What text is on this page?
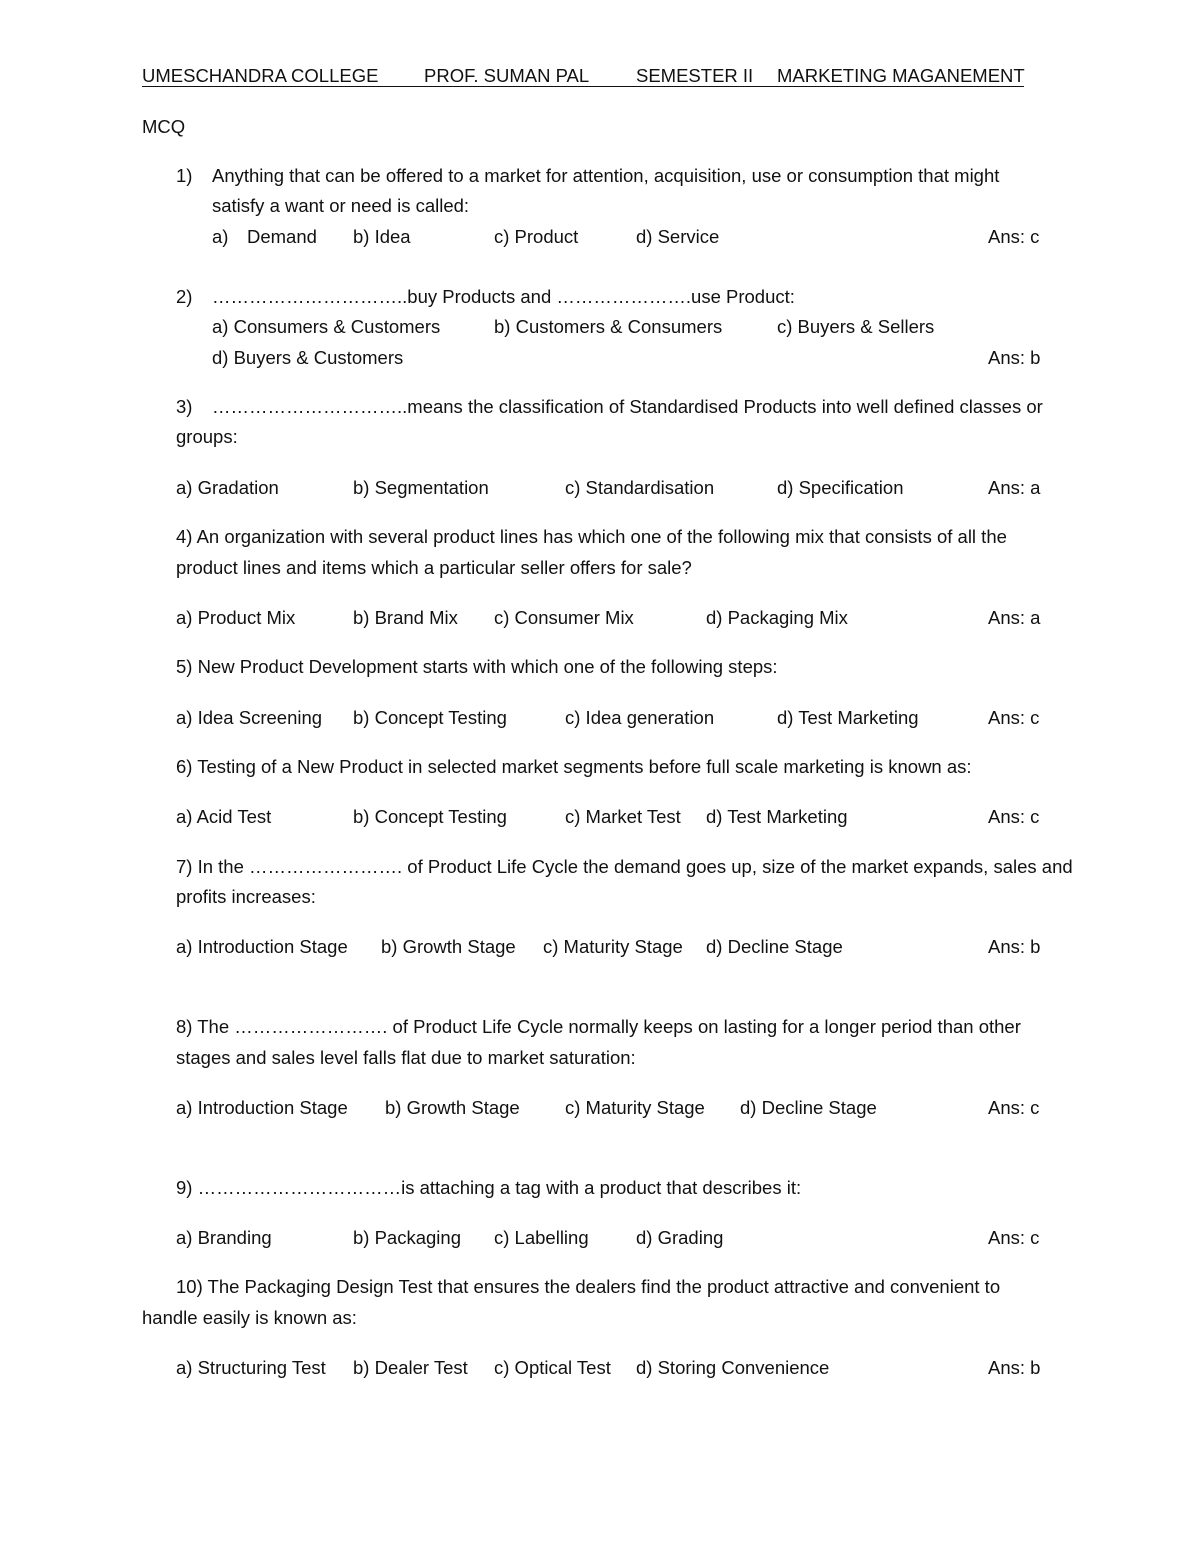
UMESCHANDRA COLLEGE PROF. SUMAN PAL	SEMESTER II MARKETING MAGANEMENT
MCQ
1) Anything that can be offered to a market for attention, acquisition, use or consumption that might
satisfy a want or need is called:
a) Demand b) Idea	c) Product	d) Service	Ans: c
2) …………………………..buy Products and ………………….use Product:
a) Consumers & Customers	b) Customers & Consumers	c) Buyers & Sellers
d) Buyers & Customers	Ans: b
3) …………………………..means the classification of Standardised Products into well defined classes or
groups:
a) Gradation	b) Segmentation	c) Standardisation	d) Specification	Ans: a
4) An organization with several product lines has which one of the following mix that consists of all the
product lines and items which a particular seller offers for sale?
a) Product Mix	b) Brand Mix c) Consumer Mix	d) Packaging Mix	Ans: a
5) New Product Development starts with which one of the following steps:
a) Idea Screening b) Concept Testing	c) Idea generation	d) Test Marketing	Ans: c
6) Testing of a New Product in selected market segments before full scale marketing is known as:
a) Acid Test	b) Concept Testing	c) Market Test d) Test Marketing	Ans: c
7) In the ……………………. of Product Life Cycle the demand goes up, size of the market expands, sales and
profits increases:
a) Introduction Stage b) Growth Stage c) Maturity Stage d) Decline Stage	Ans: b
8) The ……………………. of Product Life Cycle normally keeps on lasting for a longer period than other
stages and sales level falls flat due to market saturation:
a) Introduction Stage b) Growth Stage c) Maturity Stage d) Decline Stage	Ans: c
9) ……………………………is attaching a tag with a product that describes it:
a) Branding	b) Packaging c) Labelling	d) Grading	Ans: c
10) The Packaging Design Test that ensures the dealers find the product attractive and convenient to
handle easily is known as:
a) Structuring Test b) Dealer Test c) Optical Test d) Storing Convenience	Ans: b
